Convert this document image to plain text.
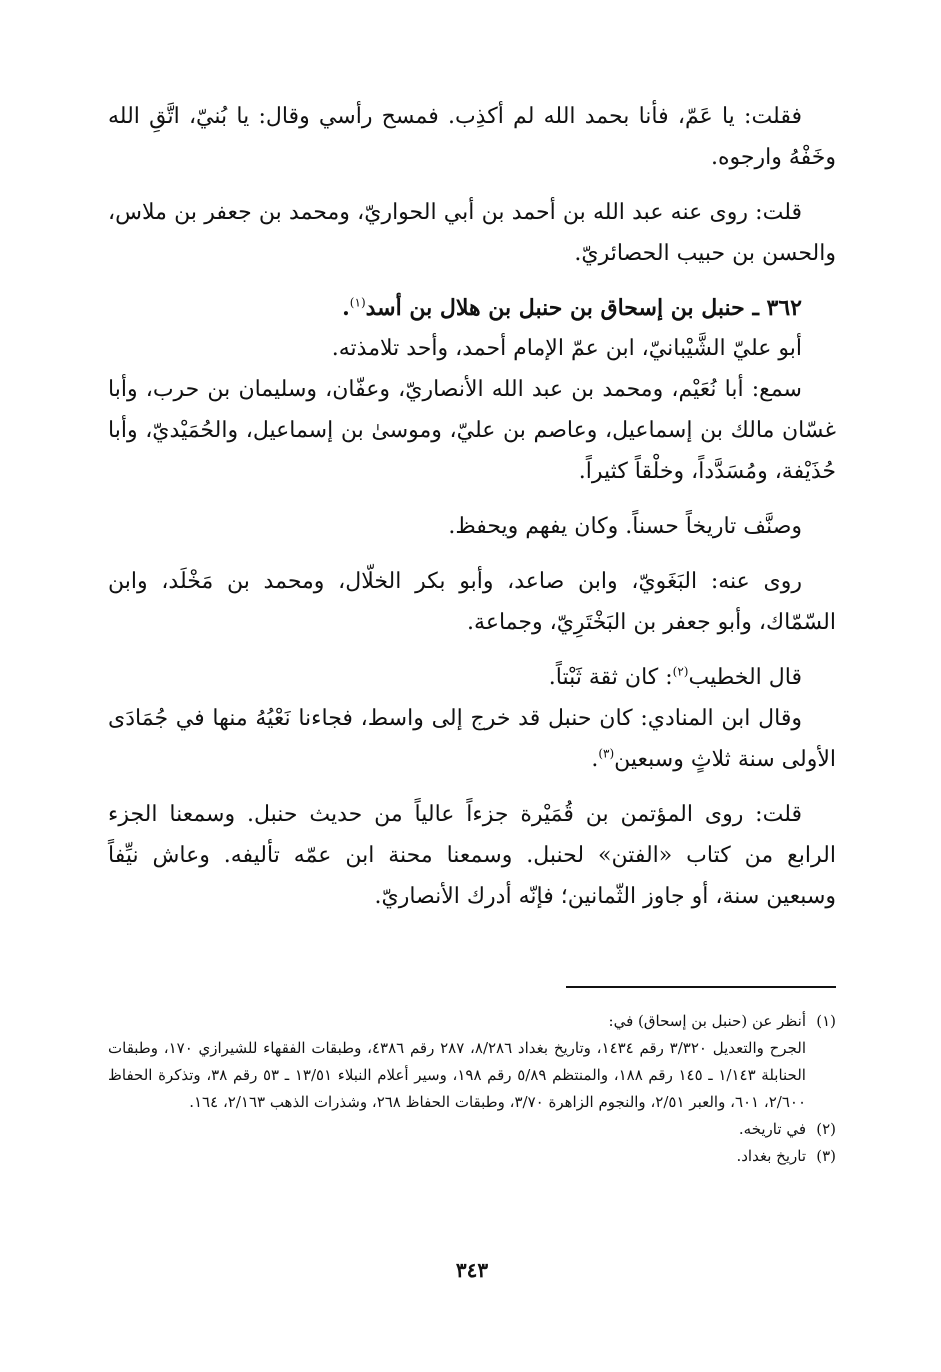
فقلت: يا عَمّ، فأنا بحمد الله لم أكذِب. فمسح رأسي وقال: يا بُنيّ، اتَّقِ الله وخَفْهُ وارجوه.

قلت: روى عنه عبد الله بن أحمد بن أبي الحواريّ، ومحمد بن جعفر بن ملاس، والحسن بن حبيب الحصائريّ.

٣٦٢ ـ حنبل بن إسحاق بن حنبل بن هلال بن أسد$^{(١)}$.

أبو عليّ الشَّيْبانيّ، ابن عمّ الإمام أحمد، وأحد تلامذته.

سمع: أبا نُعَيْم، ومحمد بن عبد الله الأنصاريّ، وعفّان، وسليمان بن حرب، وأبا غسّان مالك بن إسماعيل، وعاصم بن عليّ، وموسىٰ بن إسماعيل، والحُمَيْديّ، وأبا حُذَيْفة، ومُسَدَّداً، وخلْقاً كثيراً.

وصنَّف تاريخاً حسناً. وكان يفهم ويحفظ.

روى عنه: البَغَويّ، وابن صاعد، وأبو بكر الخلّال، ومحمد بن مَخْلَد، وابن السّمّاك، وأبو جعفر بن البَخْتَرِيّ، وجماعة.

قال الخطيب$^{(٢)}$: كان ثقة ثَبْتاً.

وقال ابن المنادي: كان حنبل قد خرج إلى واسط، فجاءنا نَعْيُهُ منها في جُمَادَى الأولى سنة ثلاثٍ وسبعين$^{(٣)}$.

قلت: روى المؤتمن بن قُمَيْرة جزءاً عالياً من حديث حنبل. وسمعنا الجزء الرابع من كتاب «الفتن» لحنبل. وسمعنا محنة ابن عمّه تأليفه. وعاش نيِّفاً وسبعين سنة، أو جاوز الثّمانين؛ فإنّه أدرك الأنصاريّ.

(١)أنظر عن (حنبل بن إسحاق) في:

الجرح والتعديل ٣/٣٢٠ رقم ١٤٣٤، وتاريخ بغداد ٨/٢٨٦، ٢٨٧ رقم ٤٣٨٦، وطبقات الفقهاء للشيرازي ١٧٠، وطبقات الحنابلة ١/١٤٣ ـ ١٤٥ رقم ١٨٨، والمنتظم ٥/٨٩ رقم ١٩٨، وسير أعلام النبلاء ١٣/٥١ ـ ٥٣ رقم ٣٨، وتذكرة الحفاظ ٢/٦٠٠، ٦٠١، والعبر ٢/٥١، والنجوم الزاهرة ٣/٧٠، وطبقات الحفاظ ٢٦٨، وشذرات الذهب ٢/١٦٣، ١٦٤.

(٢)في تاريخه.

(٣)تاريخ بغداد.

٣٤٣
